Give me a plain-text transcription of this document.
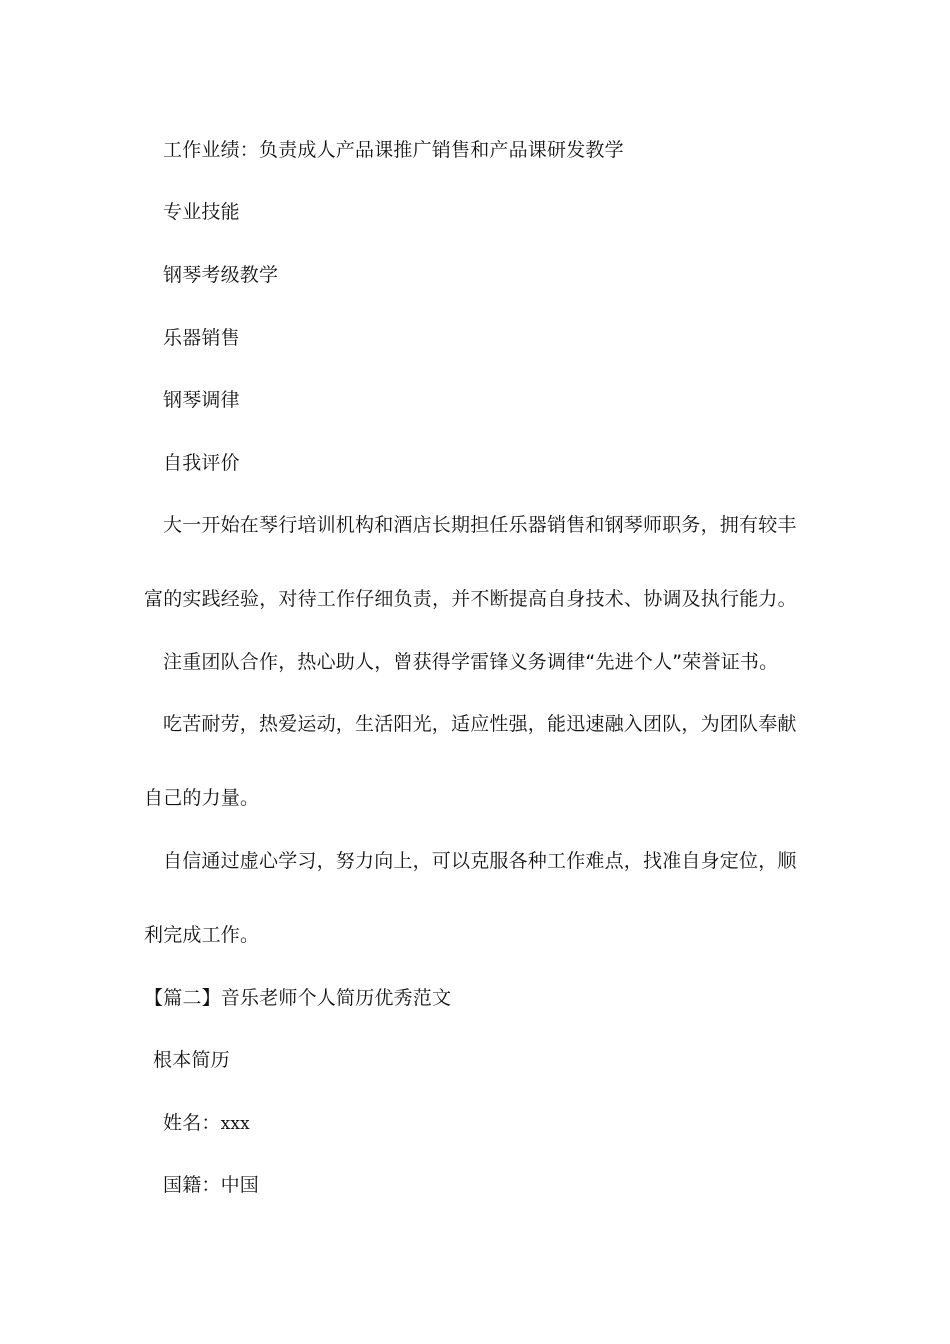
工作业绩：负责成人产品课推广销售和产品课研发教学
专业技能
钢琴考级教学
乐器销售
钢琴调律
自我评价
大一开始在琴行培训机构和酒店长期担任乐器销售和钢琴师职务，拥有较丰
富的实践经验，对待工作仔细负责，并不断提高自身技术、协调及执行能力。
注重团队合作，热心助人，曾获得学雷锋义务调律“先进个人”荣誉证书。
吃苦耐劳，热爱运动，生活阳光，适应性强，能迅速融入团队，为团队奉献
自己的力量。
自信通过虚心学习，努力向上，可以克服各种工作难点，找准自身定位，顺
利完成工作。
【篇二】音乐老师个人简历优秀范文
根本简历
姓名：xxx
国籍：中国
